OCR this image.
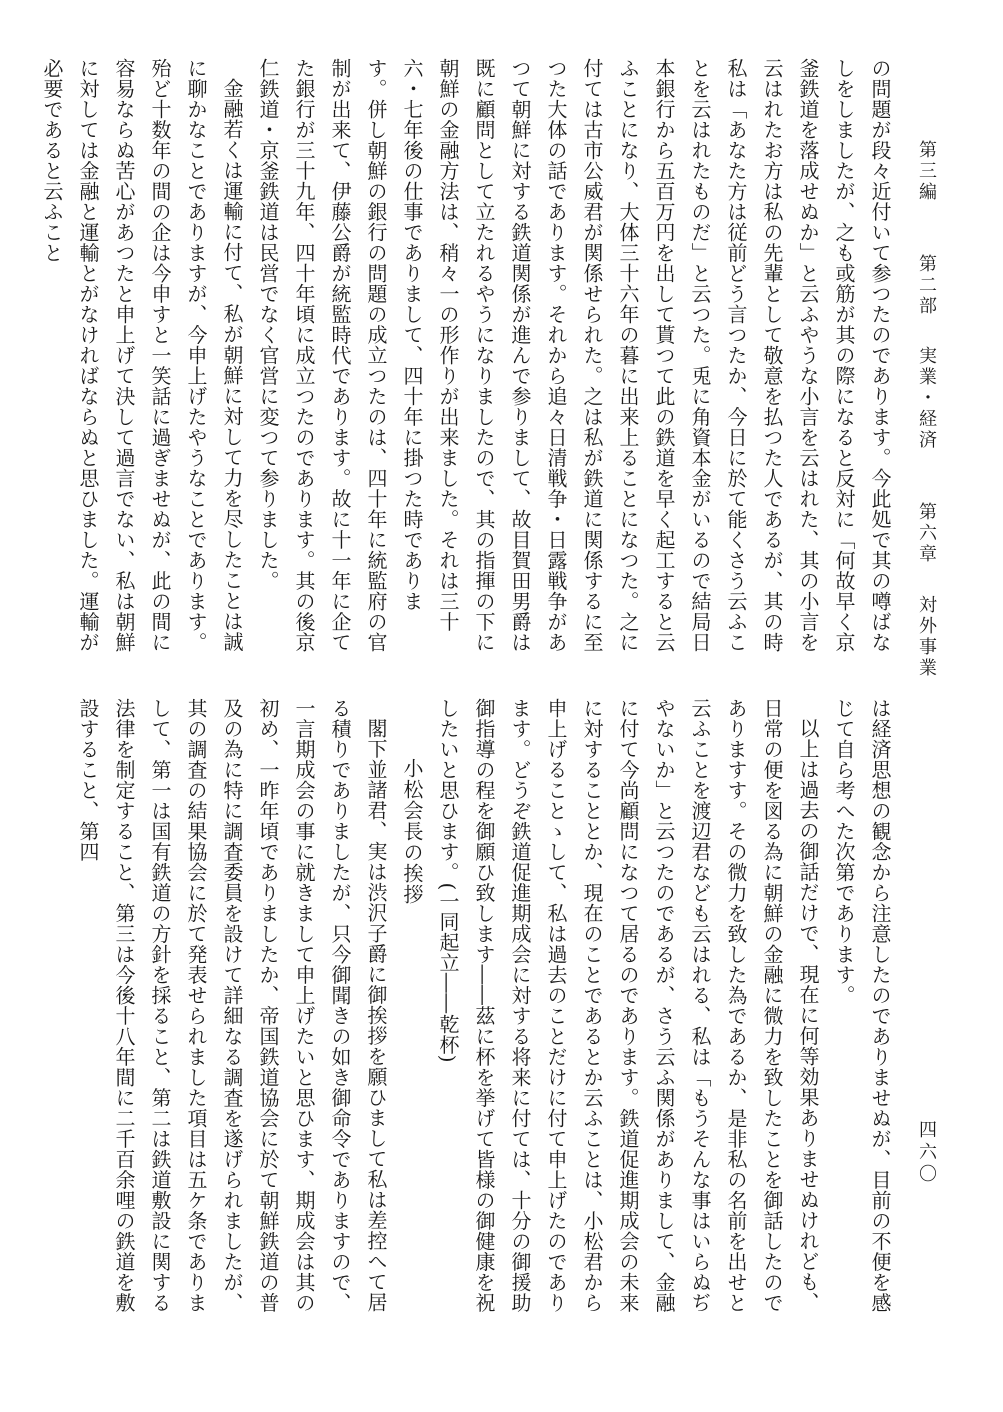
第三編　　 第二部　 実業・経済　　 第六章　 対外事業
四六〇
の問題が段々近付いて参つたのであります。今此処で其の噂ばなしをしましたが、之も或筋が其の際になると反対に「何故早く京釜鉄道を落成せぬか」と云ふやうな小言を云はれた、其の小言を云はれたお方は私の先輩として敬意を払つた人であるが、其の時私は「あなた方は従前どう言つたか、今日に於て能くさう云ふことを云はれたものだ」と云つた。兎に角資本金がいるので結局日本銀行から五百万円を出して貰つて此の鉄道を早く起工すると云ふことになり、大体三十六年の暮に出来上ることになつた。之に付ては古市公威君が関係せられた。之は私が鉄道に関係するに至つた大体の話であります。それから追々日清戦争・日露戦争があつて朝鮮に対する鉄道関係が進んで参りまして、故目賀田男爵は既に顧問として立たれるやうになりましたので、其の指揮の下に朝鮮の金融方法は、稍々一の形作りが出来ました。それは三十六・七年後の仕事でありまして、四十年に掛つた時でありま す。併し朝鮮の銀行の問題の成立つたのは、四十年に統監府の官制が出来て、伊藤公爵が統監時代であります。故に十一年に企てた銀行が三十九年、四十年頃に成立つたのであります。其の後京仁鉄道・京釜鉄道は民営でなく官営に変つて参りました。
金融若くは運輸に付て、私が朝鮮に対して力を尽したことは誠に聊かなことでありますが、今申上げたやうなことであります。殆ど十数年の間の企は今申すと一笑話に過ぎませぬが、此の間に容易ならぬ苦心があつたと申上げて決して過言でない、私は朝鮮に対しては金融と運輸とがなければならぬと思ひました。運輸が必要であると云ふこと
は経済思想の観念から注意したのでありませぬが、目前の不便を感じて自ら考へた次第であります。
以上は過去の御話だけで、現在に何等効果ありませぬけれども、日常の便を図る為に朝鮮の金融に微力を致したことを御話したのでありますす。その微力を致した為であるか、是非私の名前を出せと云ふことを渡辺君なども云はれる、私は「もうそんな事はいらぬぢやないか」と云つたのであるが、さう云ふ関係がありまして、金融に付て今尚顧問になつて居るのであります。鉄道促進期成会の未来に対することとか、現在のことであるとか云ふことは、小松君から申上げることゝして、私は過去のことだけに付て申上げたのであります。どうぞ鉄道促進期成会に対する将来に付ては、十分の御援助御指導の程を御願ひ致します――茲に杯を挙げて皆様の御健康を祝したいと思ひます。(一同起立――乾杯)
小松会長の挨拶
閣下並諸君、実は渋沢子爵に御挨拶を願ひまして私は差控へて居る積りでありましたが、只今御聞きの如き御命令でありますので、一言期成会の事に就きまして申上げたいと思ひます、期成会は其の初め、一昨年頃でありましたか、帝国鉄道協会に於て朝鮮鉄道の普及の為に特に調査委員を設けて詳細なる調査を遂げられましたが、其の調査の結果協会に於て発表せられました項目は五ケ条でありまして、第一は国有鉄道の方針を採ること、第二は鉄道敷設に関する法律を制定すること、第三は今後十八年間に二千百余哩の鉄道を敷設すること、第四
